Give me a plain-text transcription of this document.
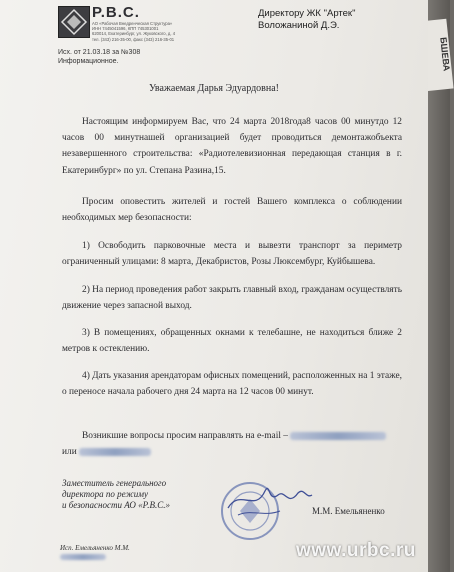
БШЕВА
Р.В.С.
АО «Рабочая Внедренческая Структура»
ИНН 7445041596, КПП 745301001
620014, Екатеринбург, ул. Жуковского, д. 4
тел. (343) 216-35-00, факс (343) 216-35-01
Директору ЖК "Артек"
Воложаниной Д.Э.
Исх. от 21.03.18 за №308
Информационное.
Уважаемая Дарья Эдуардовна!
Настоящим информируем Вас, что 24 марта 2018года8 часов 00 минутдо 12 часов 00 минутнашей организацией будет проводиться демонтажобъекта незавершенного строительства: «Радиотелевизионная передающая станция в г. Екатеринбург» по ул. Степана Разина,15.
Просим оповестить жителей и гостей Вашего комплекса о соблюдении необходимых мер безопасности:
1) Освободить парковочные места и вывезти транспорт за периметр ограниченный улицами: 8 марта, Декабристов, Розы Люксембург, Куйбышева.
2) На период проведения работ закрыть главный вход, гражданам осуществлять движение через запасной выход.
3) В помещениях, обращенных окнами к телебашне, не находиться ближе 2 метров к остеклению.
4) Дать указания арендаторам офисных помещений, расположенных на 1 этаже, о переносе начала рабочего дня 24 марта на 12 часов 00 минут.
Возникшие вопросы просим направлять на e-mail –
или
Заместитель генерального
директора по режиму
и безопасности АО «Р.В.С.»
М.М. Емельяненко
Исп. Емельяненко М.М.	www.urbc.ru
